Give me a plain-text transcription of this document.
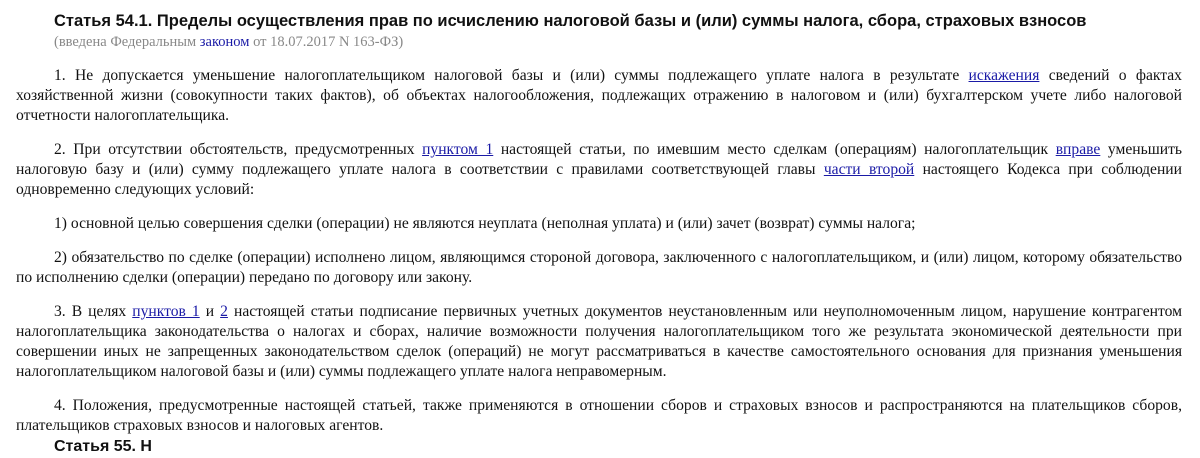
Статья 54.1. Пределы осуществления прав по исчислению налоговой базы и (или) суммы налога, сбора, страховых взносов
(введена Федеральным законом от 18.07.2017 N 163-ФЗ)

1. Не допускается уменьшение налогоплательщиком налоговой базы и (или) суммы подлежащего уплате налога в результате искажения сведений о фактах хозяйственной жизни (совокупности таких фактов), об объектах налогообложения, подлежащих отражению в налоговом и (или) бухгалтерском учете либо налоговой отчетности налогоплательщика.

2. При отсутствии обстоятельств, предусмотренных пунктом 1 настоящей статьи, по имевшим место сделкам (операциям) налогоплательщик вправе уменьшить налоговую базу и (или) сумму подлежащего уплате налога в соответствии с правилами соответствующей главы части второй настоящего Кодекса при соблюдении одновременно следующих условий:

1) основной целью совершения сделки (операции) не являются неуплата (неполная уплата) и (или) зачет (возврат) суммы налога;

2) обязательство по сделке (операции) исполнено лицом, являющимся стороной договора, заключенного с налогоплательщиком, и (или) лицом, которому обязательство по исполнению сделки (операции) передано по договору или закону.

3. В целях пунктов 1 и 2 настоящей статьи подписание первичных учетных документов неустановленным или неуполномоченным лицом, нарушение контрагентом налогоплательщика законодательства о налогах и сборах, наличие возможности получения налогоплательщиком того же результата экономической деятельности при совершении иных не запрещенных законодательством сделок (операций) не могут рассматриваться в качестве самостоятельного основания для признания уменьшения налогоплательщиком налоговой базы и (или) суммы подлежащего уплате налога неправомерным.

4. Положения, предусмотренные настоящей статьей, также применяются в отношении сборов и страховых взносов и распространяются на плательщиков сборов, плательщиков страховых взносов и налоговых агентов.

Статья 55. Н
